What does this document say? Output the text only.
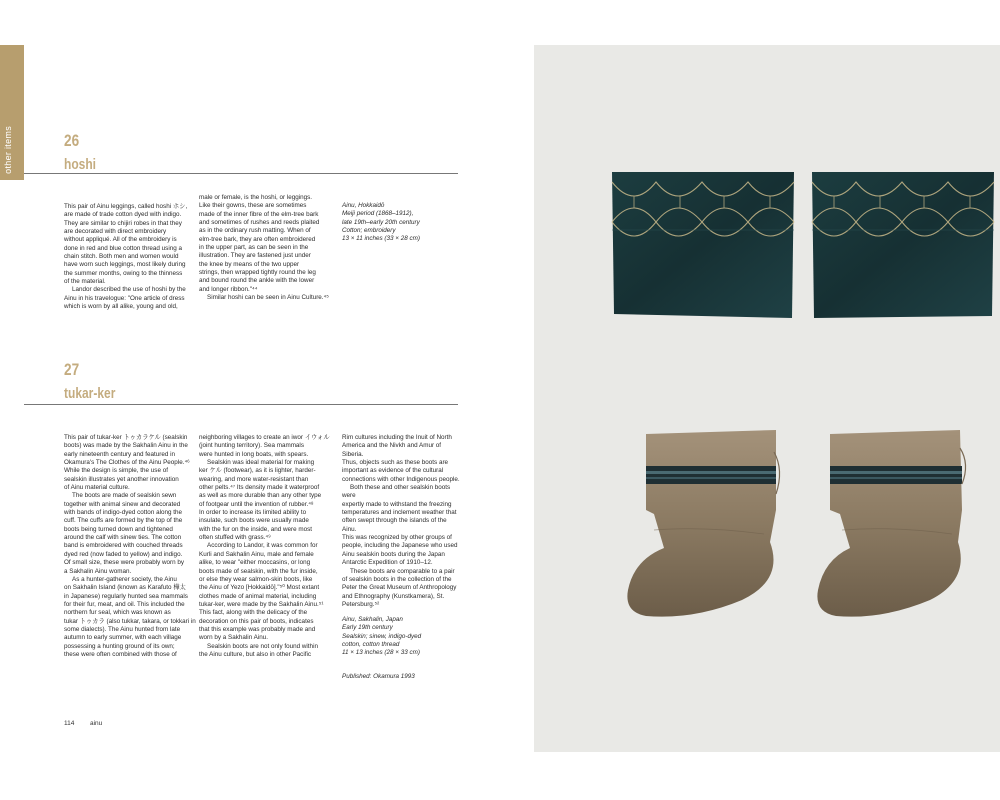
other items	26
hoshi

This pair of Ainu leggings, called hoshi ホシ,

are made of trade cotton dyed with indigo.

They are similar to chijiri robes in that they

are decorated with direct embroidery

without appliqué. All of the embroidery is

done in red and blue cotton thread using a

chain stitch. Both men and women would

have worn such leggings, most likely during

the summer months, owing to the thinness

of the material.

Landor described the use of hoshi by the

Ainu in his travelogue: "One article of dress

which is worn by all alike, young and old,

male or female, is the hoshi, or leggings.

Like their gowns, these are sometimes

made of the inner fibre of the elm-tree bark

and sometimes of rushes and reeds plaited

as in the ordinary rush matting. When of

elm-tree bark, they are often embroidered

in the upper part, as can be seen in the

illustration. They are fastened just under

the knee by means of the two upper

strings, then wrapped tightly round the leg

and bound round the ankle with the lower

and longer ribbon."⁴⁴

Similar hoshi can be seen in Ainu Culture.⁴⁵

Ainu, Hokkaidō

Meiji period (1868–1912),

late 19th–early 20th century

Cotton; embroidery

13 × 11 inches (33 × 28 cm)

27
tukar-ker

This pair of tukar-ker トゥカラケル (sealskin

boots) was made by the Sakhalin Ainu in the

early nineteenth century and featured in

Okamura's The Clothes of the Ainu People.⁴⁶

While the design is simple, the use of

sealskin illustrates yet another innovation

of Ainu material culture.

The boots are made of sealskin sewn

together with animal sinew and decorated

with bands of indigo-dyed cotton along the

cuff. The cuffs are formed by the top of the

boots being turned down and tightened

around the calf with sinew ties. The cotton

band is embroidered with couched threads

dyed red (now faded to yellow) and indigo.

Of small size, these were probably worn by

a Sakhalin Ainu woman.

As a hunter-gatherer society, the Ainu

on Sakhalin Island (known as Karafuto 樺太

in Japanese) regularly hunted sea mammals

for their fur, meat, and oil. This included the

northern fur seal, which was known as

tukar トゥカラ (also tukkar, takara, or tokkari in

some dialects). The Ainu hunted from late

autumn to early summer, with each village

possessing a hunting ground of its own;

these were often combined with those of

neighboring villages to create an iwor イウォル

(joint hunting territory). Sea mammals

were hunted in long boats, with spears.

Sealskin was ideal material for making

ker ケル (footwear), as it is lighter, harder-

wearing, and more water-resistant than

other pelts.⁴⁷ Its density made it waterproof

as well as more durable than any other type

of footgear until the invention of rubber.⁴⁸

In order to increase its limited ability to

insulate, such boots were usually made

with the fur on the inside, and were most

often stuffed with grass.⁴⁹

According to Landor, it was common for

Kurli and Sakhalin Ainu, male and female

alike, to wear "either moccasins, or long

boots made of sealskin, with the fur inside,

or else they wear salmon-skin boots, like

the Ainu of Yezo [Hokkaidō]."⁵⁰ Most extant

clothes made of animal material, including

tukar-ker, were made by the Sakhalin Ainu.⁵¹

This fact, along with the delicacy of the

decoration on this pair of boots, indicates

that this example was probably made and

worn by a Sakhalin Ainu.

Sealskin boots are not only found within

the Ainu culture, but also in other Pacific

Rim cultures including the Inuit of North

America and the Nivkh and Amur of Siberia.

Thus, objects such as these boots are

important as evidence of the cultural

connections with other Indigenous people.

Both these and other sealskin boots were

expertly made to withstand the freezing

temperatures and inclement weather that

often swept through the islands of the Ainu.

This was recognized by other groups of

people, including the Japanese who used

Ainu sealskin boots during the Japan

Antarctic Expedition of 1910–12.

These boots are comparable to a pair

of sealskin boots in the collection of the

Peter the Great Museum of Anthropology

and Ethnography (Kunstkamera), St.

Petersburg.⁵²

Ainu, Sakhalin, Japan

Early 19th century

Sealskin; sinew, indigo-dyed

cotton, cotton thread

11 × 13 inches (28 × 33 cm)

Published: Okamura 1993
114 ainu
